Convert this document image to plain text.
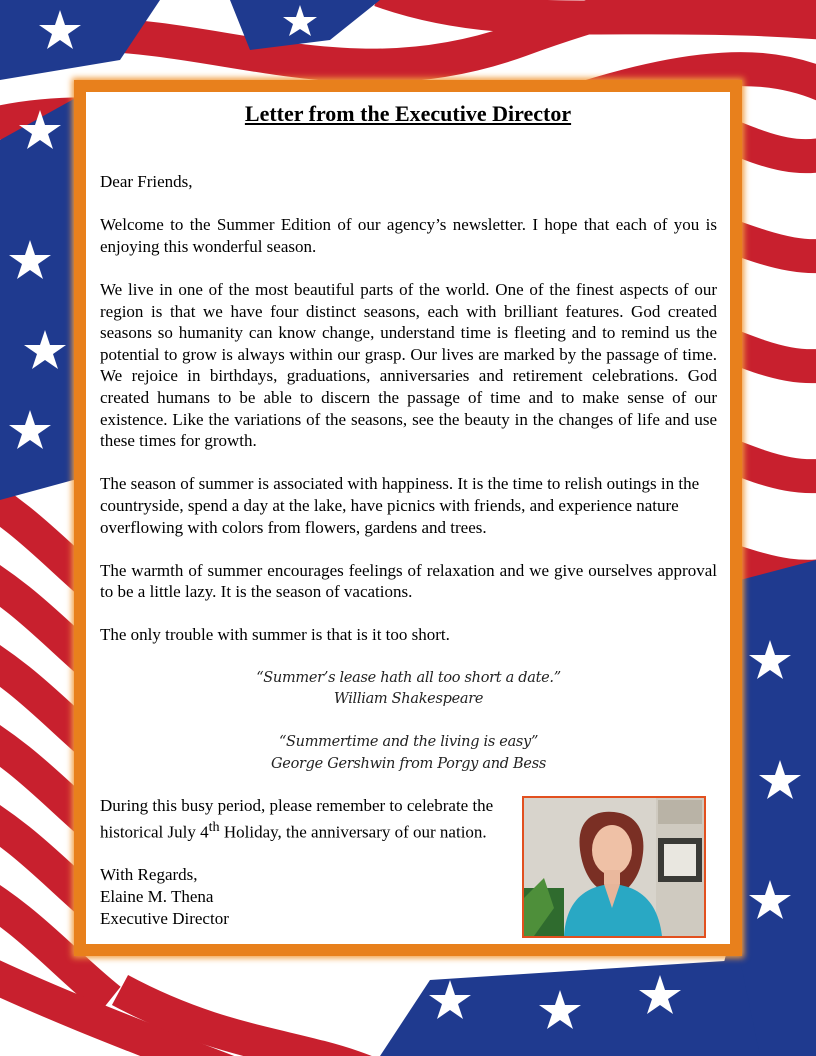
Letter from the Executive Director

Dear Friends,

Welcome to the Summer Edition of our agency’s newsletter. I hope that each of you is enjoying this wonderful season.

We live in one of the most beautiful parts of the world. One of the finest aspects of our region is that we have four distinct seasons, each with brilliant features. God created seasons so humanity can know change, understand time is fleeting and to remind us the potential to grow is always within our grasp. Our lives are marked by the passage of time. We rejoice in birthdays, graduations, anniversaries and retirement celebrations. God created humans to be able to discern the passage of time and to make sense of our existence. Like the variations of the seasons, see the beauty in the changes of life and use these times for growth.

The season of summer is associated with happiness. It is the time to relish outings in the countryside, spend a day at the lake, have picnics with friends, and experience nature overflowing with colors from flowers, gardens and trees.

The warmth of summer encourages feelings of relaxation and we give ourselves approval to be a little lazy. It is the season of vacations.

The only trouble with summer is that is it too short.

“Summer’s lease hath all too short a date.”
William Shakespeare

“Summertime and the living is easy”
George Gershwin from Porgy and Bess

During this busy period, please remember to celebrate the historical July 4th Holiday, the anniversary of our nation.

With Regards,
Elaine M. Thena
Executive Director
